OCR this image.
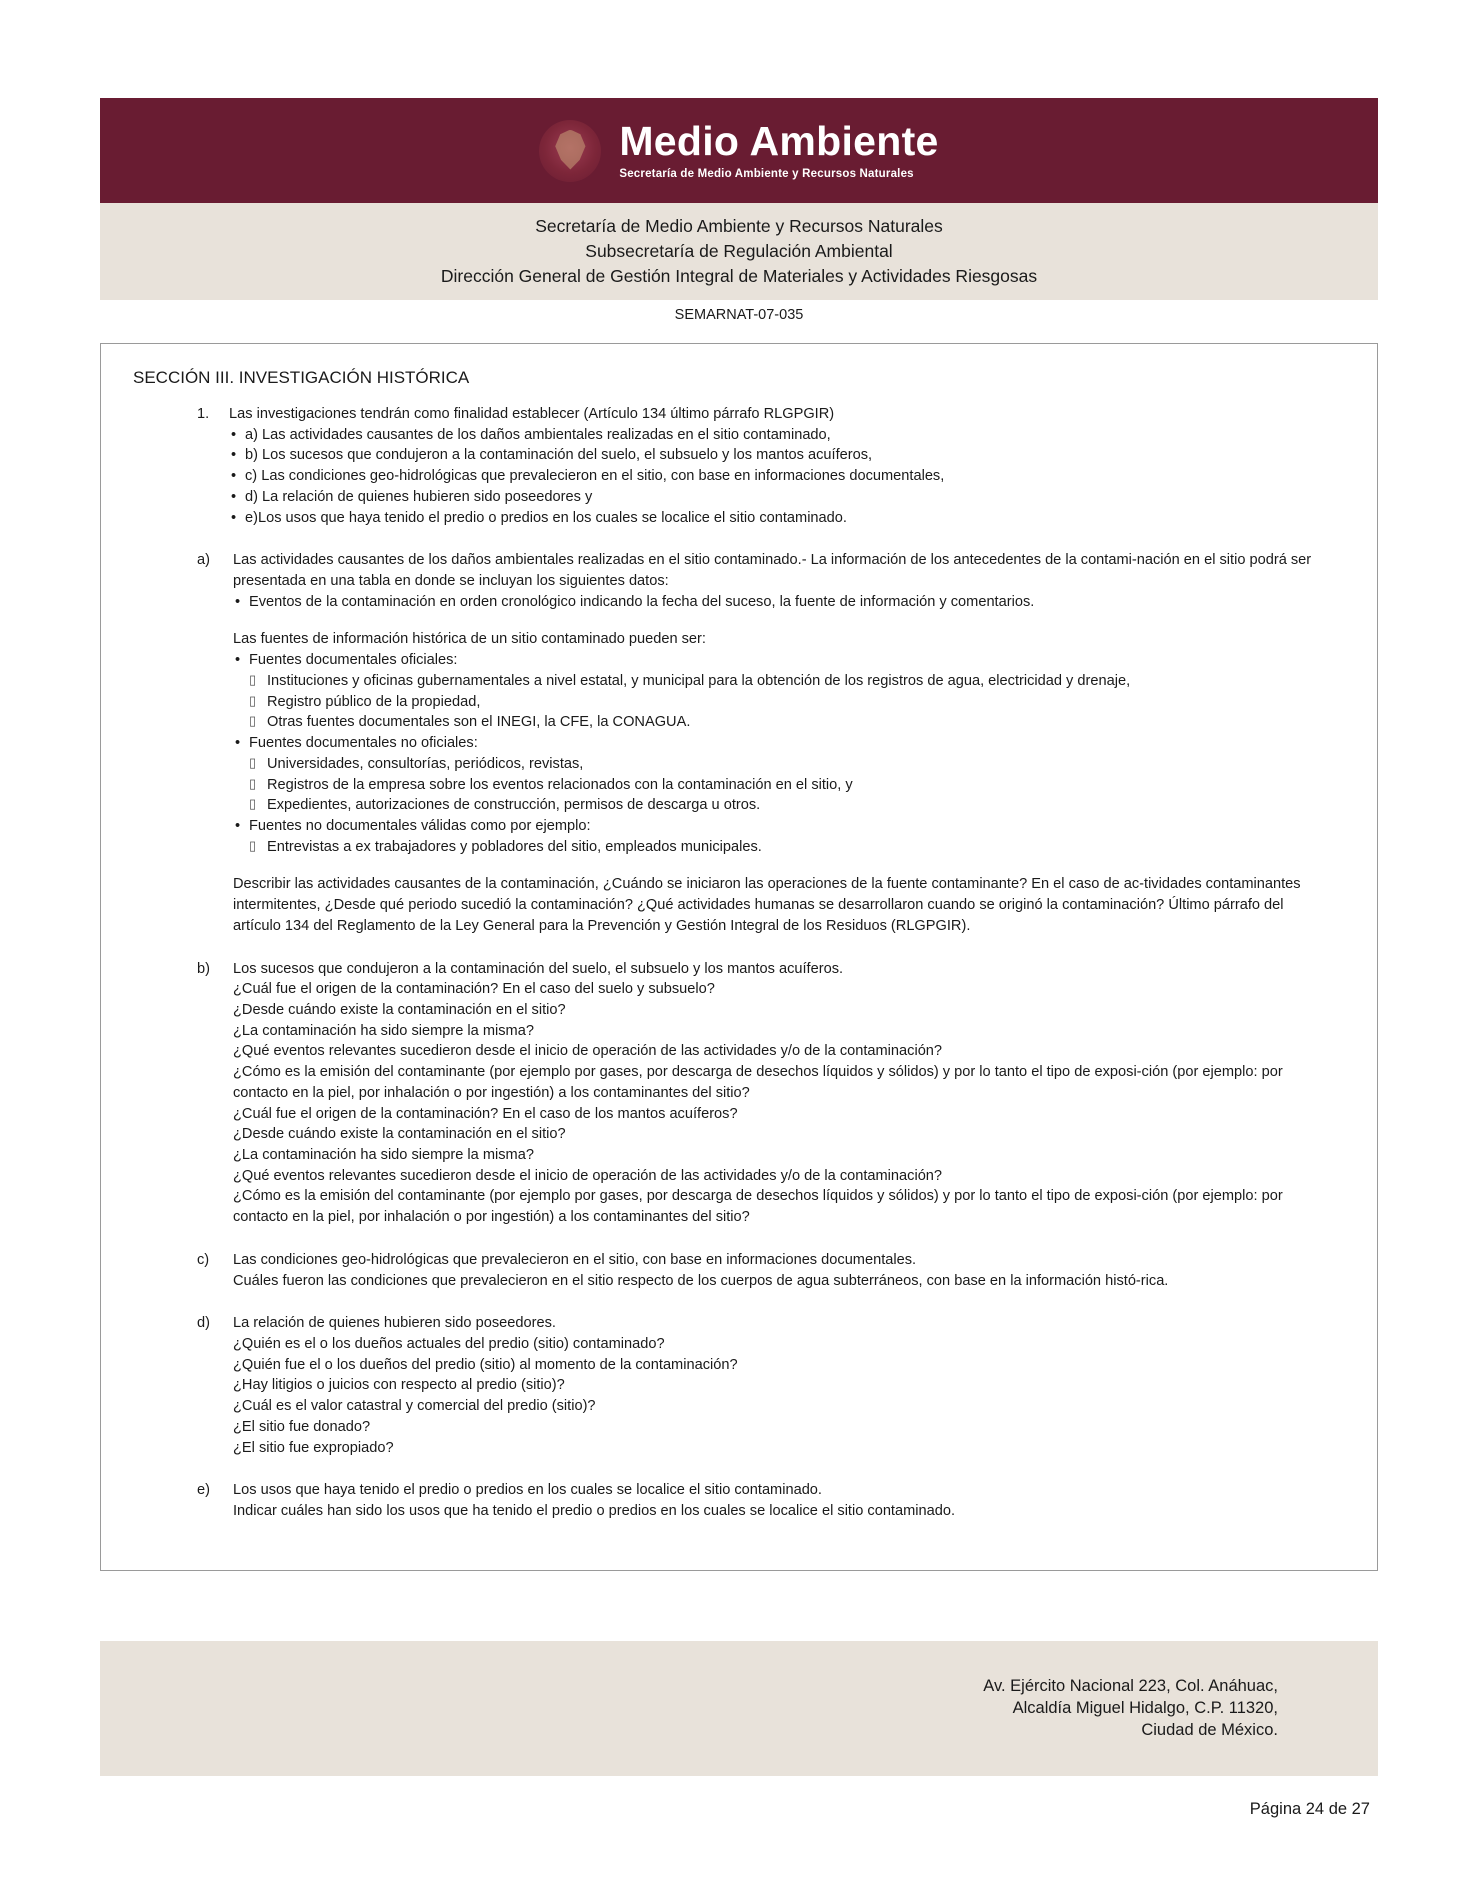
Medio Ambiente
Secretaría de Medio Ambiente y Recursos Naturales
Secretaría de Medio Ambiente y Recursos Naturales
Subsecretaría de Regulación Ambiental
Dirección General de Gestión Integral de Materiales y Actividades Riesgosas
SEMARNAT-07-035
SECCIÓN III. INVESTIGACIÓN HISTÓRICA
1.	Las investigaciones tendrán como finalidad establecer (Artículo 134 último párrafo RLGPGIR)
• a) Las actividades causantes de los daños ambientales realizadas en el sitio contaminado,
• b) Los sucesos que condujeron a la contaminación del suelo, el subsuelo y los mantos acuíferos,
• c) Las condiciones geo-hidrológicas que prevalecieron en el sitio, con base en informaciones documentales,
• d) La relación de quienes hubieren sido poseedores y
• e)Los usos que haya tenido el predio o predios en los cuales se localice el sitio contaminado.
a)	Las actividades causantes de los daños ambientales realizadas en el sitio contaminado.- La información de los antecedentes de la contami-nación en el sitio podrá ser presentada en una tabla en donde se incluyan los siguientes datos:

• Eventos de la contaminación en orden cronológico indicando la fecha del suceso, la fuente de información y comentarios.

Las fuentes de información histórica de un sitio contaminado pueden ser:

• Fuentes documentales oficiales:

▯ Instituciones y oficinas gubernamentales a nivel estatal, y municipal para la obtención de los registros de agua, electricidad y drenaje,

▯ Registro público de la propiedad,

▯ Otras fuentes documentales son el INEGI, la CFE, la CONAGUA.

• Fuentes documentales no oficiales:

▯ Universidades, consultorías, periódicos, revistas,

▯ Registros de la empresa sobre los eventos relacionados con la contaminación en el sitio, y

▯ Expedientes, autorizaciones de construcción, permisos de descarga u otros.

• Fuentes no documentales válidas como por ejemplo:

▯ Entrevistas a ex trabajadores y pobladores del sitio, empleados municipales.

Describir las actividades causantes de la contaminación, ¿Cuándo se iniciaron las operaciones de la fuente contaminante? En el caso de ac-tividades contaminantes intermitentes, ¿Desde qué periodo sucedió la contaminación? ¿Qué actividades humanas se desarrollaron cuando se originó la contaminación? Último párrafo del artículo 134 del Reglamento de la Ley General para la Prevención y Gestión Integral de los Residuos (RLGPGIR).

b)	Los sucesos que condujeron a la contaminación del suelo, el subsuelo y los mantos acuíferos.

¿Cuál fue el origen de la contaminación? En el caso del suelo y subsuelo?

¿Desde cuándo existe la contaminación en el sitio?

¿La contaminación ha sido siempre la misma?

¿Qué eventos relevantes sucedieron desde el inicio de operación de las actividades y/o de la contaminación?

¿Cómo es la emisión del contaminante (por ejemplo por gases, por descarga de desechos líquidos y sólidos) y por lo tanto el tipo de exposi-ción (por ejemplo: por contacto en la piel, por inhalación o por ingestión) a los contaminantes del sitio?

¿Cuál fue el origen de la contaminación? En el caso de los mantos acuíferos?

¿Desde cuándo existe la contaminación en el sitio?

¿La contaminación ha sido siempre la misma?

¿Qué eventos relevantes sucedieron desde el inicio de operación de las actividades y/o de la contaminación?

¿Cómo es la emisión del contaminante (por ejemplo por gases, por descarga de desechos líquidos y sólidos) y por lo tanto el tipo de exposi-ción (por ejemplo: por contacto en la piel, por inhalación o por ingestión) a los contaminantes del sitio?

c)	Las condiciones geo-hidrológicas que prevalecieron en el sitio, con base en informaciones documentales.

Cuáles fueron las condiciones que prevalecieron en el sitio respecto de los cuerpos de agua subterráneos, con base en la información histó-rica.

d)	La relación de quienes hubieren sido poseedores.

¿Quién es el o los dueños actuales del predio (sitio) contaminado?

¿Quién fue el o los dueños del predio (sitio) al momento de la contaminación?

¿Hay litigios o juicios con respecto al predio (sitio)?

¿Cuál es el valor catastral y comercial del predio (sitio)?

¿El sitio fue donado?

¿El sitio fue expropiado?

e)	Los usos que haya tenido el predio o predios en los cuales se localice el sitio contaminado.

Indicar cuáles han sido los usos que ha tenido el predio o predios en los cuales se localice el sitio contaminado.

Av. Ejército Nacional 223, Col. Anáhuac,
Alcaldía Miguel Hidalgo, C.P. 11320,
Ciudad de México.
Página 24 de 27
